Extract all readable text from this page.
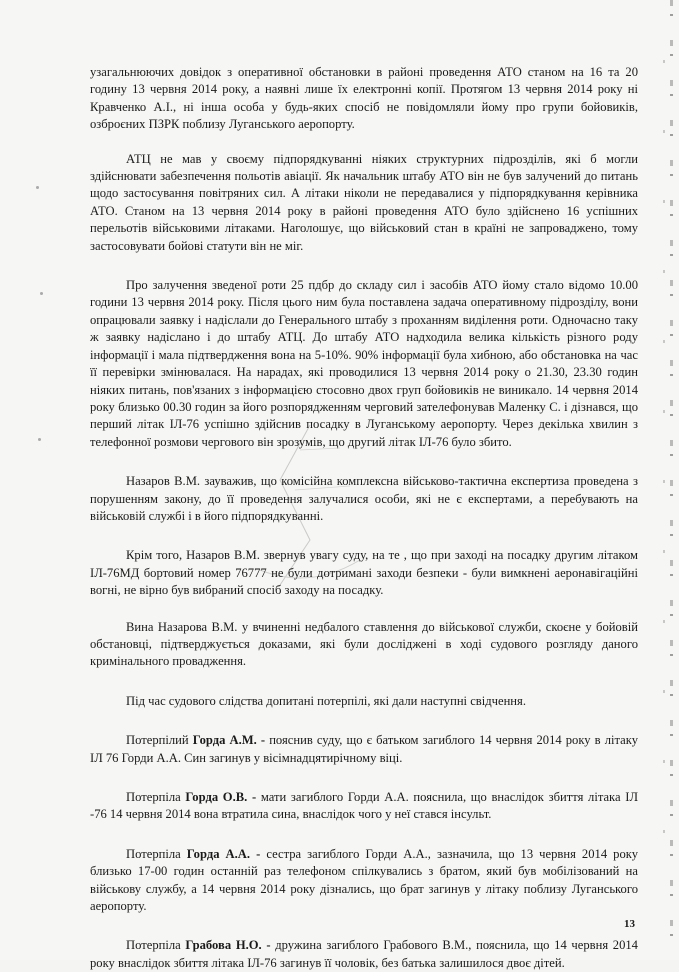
узагальнюючих довідок з оперативної обстановки в районі проведення АТО станом на 16 та 20 годину 13 червня 2014 року, а наявні лише їх електронні копії. Протягом 13 червня 2014 року ні Кравченко А.І., ні інша особа у будь-яких спосіб не повідомляли йому про групи бойовиків, озброєних ПЗРК поблизу Луганського аеропорту.

АТЦ не мав у своєму підпорядкуванні ніяких структурних підрозділів, які б могли здійснювати забезпечення польотів авіації. Як начальник штабу АТО він не був залучений до питань щодо застосування повітряних сил. А літаки ніколи не передавалися у підпорядкування керівника АТО. Станом на 13 червня 2014 року в районі проведення АТО було здійснено 16 успішних перельотів військовими літаками. Наголошує, що військовий стан в країні не запроваджено, тому застосовувати бойові статути він не міг.

Про залучення зведеної роти 25 пдбр до складу сил і засобів АТО йому стало відомо 10.00 години 13 червня 2014 року. Після цього ним була поставлена задача оперативному підрозділу, вони опрацювали заявку і надіслали до Генерального штабу з проханням виділення роти. Одночасно таку ж заявку надіслано і до штабу АТЦ. До штабу АТО надходила велика кількість різного роду інформації і мала підтвердження вона на 5-10%. 90% інформації була хибною, або обстановка на час її перевірки змінювалася. На нарадах, які проводилися 13 червня 2014 року о 21.30, 23.30 годин ніяких питань, пов'язаних з інформацією стосовно двох груп бойовиків не виникало. 14 червня 2014 року близько 00.30 годин за його розпорядженням черговий зателефонував Маленку С. і дізнався, що перший літак ІЛ-76 успішно здійснив посадку в Луганському аеропорту. Через декілька хвилин з телефонної розмови чергового він зрозумів, що другий літак ІЛ-76 було збито.

Назаров В.М. зауважив, що комісійна комплексна військово-тактична експертиза проведена з порушенням закону, до її проведення залучалися особи, які не є експертами, а перебувають на військовій службі і в його підпорядкуванні.

Крім того, Назаров В.М. звернув увагу суду, на те , що при заході на посадку другим літаком ІЛ-76МД бортовий номер 76777 не були дотримані заходи безпеки - були вимкнені аеронавігаційні вогні, не вірно був вибраний спосіб заходу на посадку.

Вина Назарова В.М. у вчиненні недбалого ставлення до військової служби, скоєне у бойовій обстановці, підтверджується доказами, які були досліджені в ході судового розгляду даного кримінального провадження.

Під час судового слідства допитані потерпілі, які дали наступні свідчення.

Потерпілий Горда А.М. - пояснив суду, що є батьком загиблого 14 червня 2014 року в літаку ІЛ 76 Горди А.А. Син загинув у вісімнадцятирічному віці.

Потерпіла Горда О.В. - мати загиблого Горди А.А. пояснила, що внаслідок збиття літака ІЛ -76 14 червня 2014 вона втратила сина, внаслідок чого у неї стався інсульт.

Потерпіла Горда А.А. - сестра загиблого Горди А.А., зазначила, що 13 червня 2014 року близько 17-00 годин останній раз телефоном спілкувались з братом, який був мобілізований на військову службу, а 14 червня 2014 року дізнались, що брат загинув у літаку поблизу Луганського аеропорту.

Потерпіла Грабова Н.О. - дружина загиблого Грабового В.М., пояснила, що 14 червня 2014 року внаслідок збиття літака ІЛ-76 загинув її чоловік, без батька залишилося двоє дітей.

13
